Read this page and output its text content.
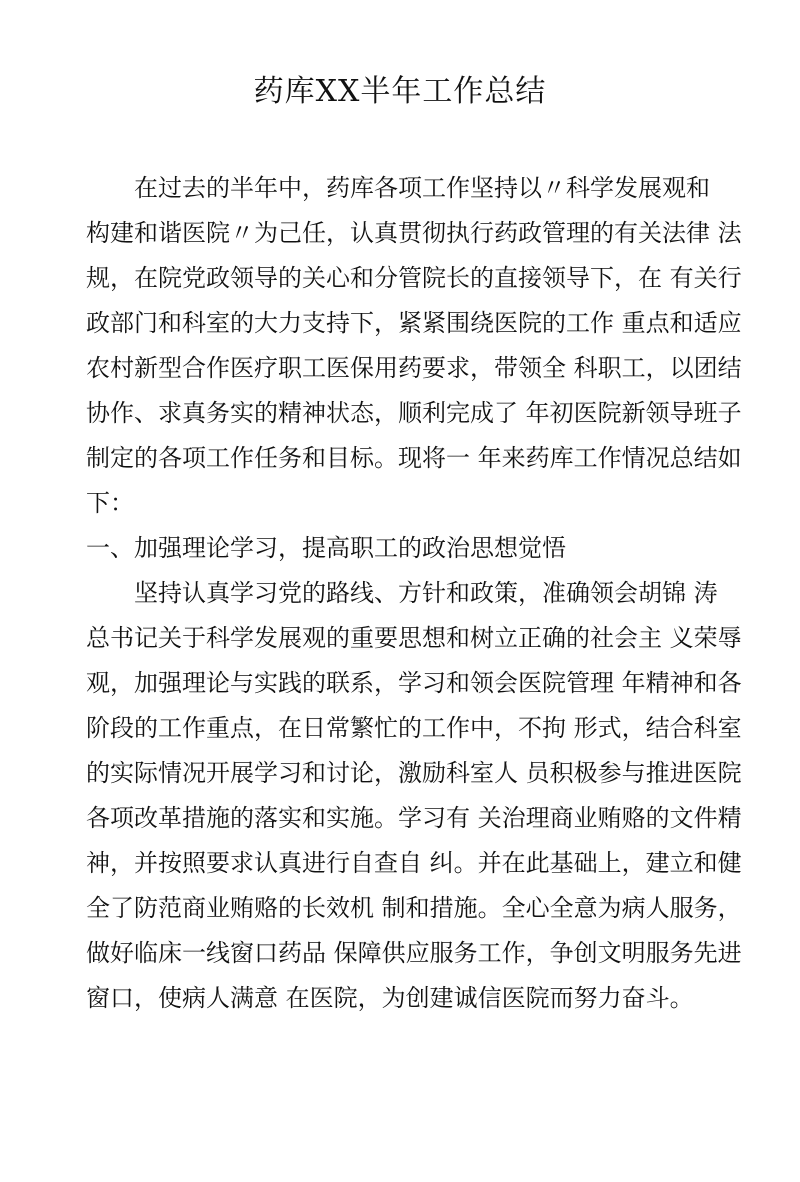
药库XX半年工作总结
　　在过去的半年中，药库各项工作坚持以〃科学发展观和
构建和谐医院〃为己任，认真贯彻执行药政管理的有关法律 法
规，在院党政领导的关心和分管院长的直接领导下，在 有关行
政部门和科室的大力支持下，紧紧围绕医院的工作 重点和适应
农村新型合作医疗职工医保用药要求，带领全 科职工，以团结
协作、求真务实的精神状态，顺利完成了 年初医院新领导班子
制定的各项工作任务和目标。现将一 年来药库工作情况总结如
下：
一、加强理论学习，提高职工的政治思想觉悟
　　坚持认真学习党的路线、方针和政策，准确领会胡锦 涛
总书记关于科学发展观的重要思想和树立正确的社会主 义荣辱
观，加强理论与实践的联系，学习和领会医院管理 年精神和各
阶段的工作重点，在日常繁忙的工作中，不拘 形式，结合科室
的实际情况开展学习和讨论，激励科室人 员积极参与推进医院
各项改革措施的落实和实施。学习有 关治理商业贿赂的文件精
神，并按照要求认真进行自查自 纠。并在此基础上，建立和健
全了防范商业贿赂的长效机 制和措施。全心全意为病人服务，
做好临床一线窗口药品 保障供应服务工作，争创文明服务先进
窗口，使病人满意 在医院，为创建诚信医院而努力奋斗。
